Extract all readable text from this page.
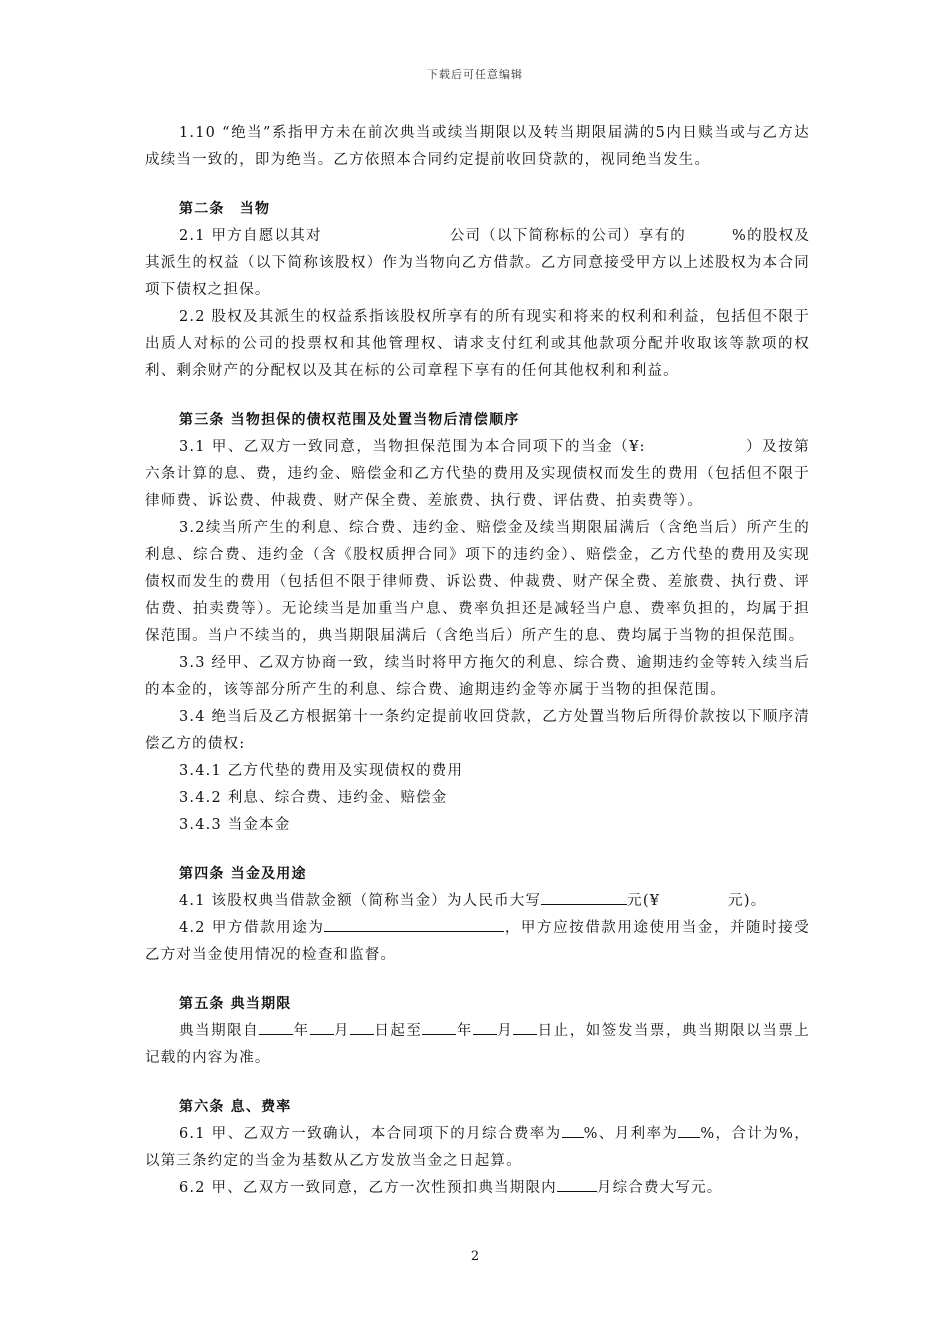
下载后可任意编辑

1.10 “绝当”系指甲方未在前次典当或续当期限以及转当期限届满的5内日赎当或与乙方达成续当一致的，即为绝当。乙方依照本合同约定提前收回贷款的，视同绝当发生。

第二条　当物

2.1 甲方自愿以其对	公司（以下简称标的公司）享有的	%的股权及其派生的权益（以下简称该股权）作为当物向乙方借款。乙方同意接受甲方以上述股权为本合同项下债权之担保。

2.2 股权及其派生的权益系指该股权所享有的所有现实和将来的权利和利益，包括但不限于出质人对标的公司的投票权和其他管理权、请求支付红利或其他款项分配并收取该等款项的权利、剩余财产的分配权以及其在标的公司章程下享有的任何其他权利和利益。

第三条 当物担保的债权范围及处置当物后清偿顺序

3.1 甲、乙双方一致同意，当物担保范围为本合同项下的当金（¥:	）及按第六条计算的息、费，违约金、赔偿金和乙方代垫的费用及实现债权而发生的费用（包括但不限于律师费、诉讼费、仲裁费、财产保全费、差旅费、执行费、评估费、拍卖费等）。

3.2续当所产生的利息、综合费、违约金、赔偿金及续当期限届满后（含绝当后）所产生的利息、综合费、违约金（含《股权质押合同》项下的违约金）、赔偿金，乙方代垫的费用及实现债权而发生的费用（包括但不限于律师费、诉讼费、仲裁费、财产保全费、差旅费、执行费、评估费、拍卖费等）。无论续当是加重当户息、费率负担还是减轻当户息、费率负担的，均属于担保范围。当户不续当的，典当期限届满后（含绝当后）所产生的息、费均属于当物的担保范围。

3.3 经甲、乙双方协商一致，续当时将甲方拖欠的利息、综合费、逾期违约金等转入续当后的本金的，该等部分所产生的利息、综合费、逾期违约金等亦属于当物的担保范围。

3.4 绝当后及乙方根据第十一条约定提前收回贷款，乙方处置当物后所得价款按以下顺序清偿乙方的债权:

3.4.1 乙方代垫的费用及实现债权的费用

3.4.2 利息、综合费、违约金、赔偿金

3.4.3 当金本金

第四条 当金及用途

4.1 该股权典当借款金额（简称当金）为人民币大写	元(¥	元)。

4.2 甲方借款用途为	，甲方应按借款用途使用当金，并随时接受乙方对当金使用情况的检查和监督。

第五条 典当期限

典当期限自 年 月 日起至 年 月 日止，如签发当票，典当期限以当票上记载的内容为准。

第六条 息、费率

6.1 甲、乙双方一致确认，本合同项下的月综合费率为 %、月利率为 %，合计为%，以第三条约定的当金为基数从乙方发放当金之日起算。

6.2 甲、乙双方一致同意，乙方一次性预扣典当期限内	月综合费大写元。

2
